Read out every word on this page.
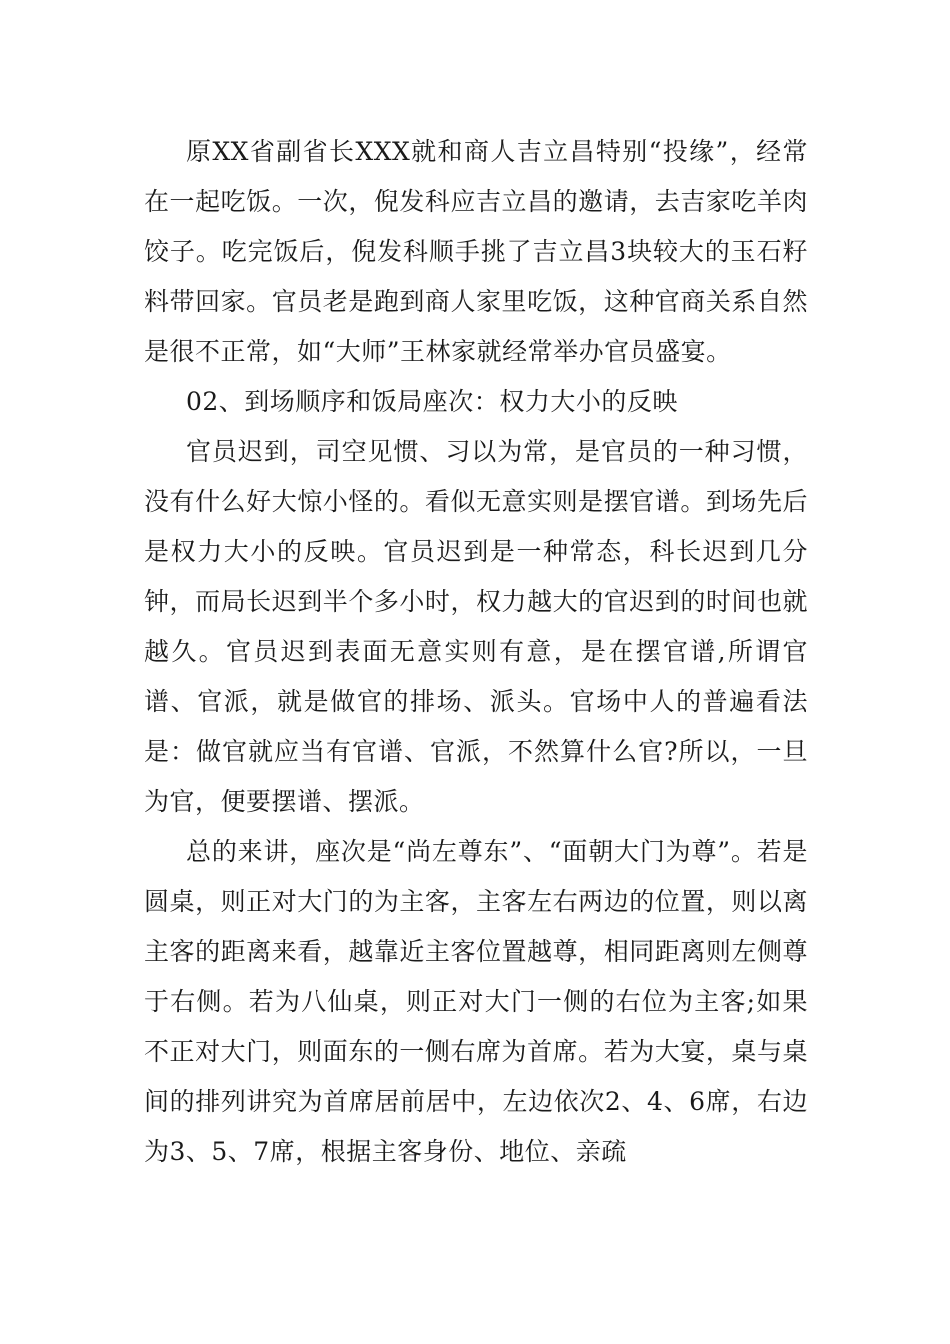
原XX省副省长XXX就和商人吉立昌特别“投缘”，经常在一起吃饭。一次，倪发科应吉立昌的邀请，去吉家吃羊肉饺子。吃完饭后，倪发科顺手挑了吉立昌3块较大的玉石籽料带回家。官员老是跑到商人家里吃饭，这种官商关系自然是很不正常，如“大师”王林家就经常举办官员盛宴。

02、到场顺序和饭局座次：权力大小的反映

官员迟到，司空见惯、习以为常，是官员的一种习惯，没有什么好大惊小怪的。看似无意实则是摆官谱。到场先后是权力大小的反映。官员迟到是一种常态，科长迟到几分钟，而局长迟到半个多小时，权力越大的官迟到的时间也就越久。官员迟到表面无意实则有意，是在摆官谱,所谓官谱、官派，就是做官的排场、派头。官场中人的普遍看法是：做官就应当有官谱、官派，不然算什么官?所以，一旦为官，便要摆谱、摆派。

总的来讲，座次是“尚左尊东”、“面朝大门为尊”。若是圆桌，则正对大门的为主客，主客左右两边的位置，则以离主客的距离来看，越靠近主客位置越尊，相同距离则左侧尊于右侧。若为八仙桌，则正对大门一侧的右位为主客;如果不正对大门，则面东的一侧右席为首席。若为大宴，桌与桌间的排列讲究为首席居前居中，左边依次2、4、6席，右边为3、5、7席，根据主客身份、地位、亲疏
